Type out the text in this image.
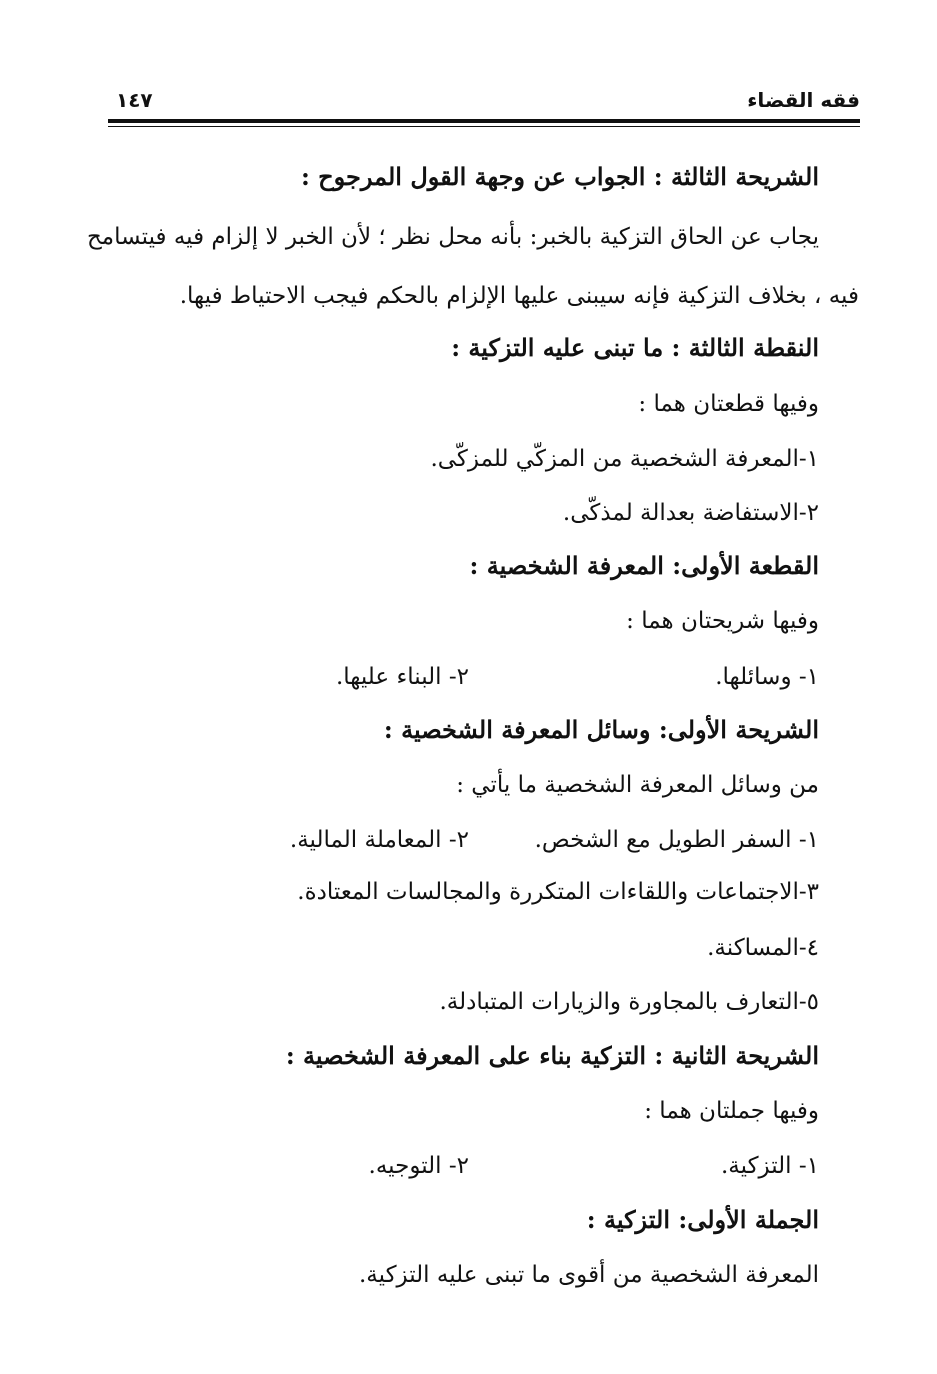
فقه القضاء
١٤٧
الشريحة الثالثة : الجواب عن وجهة القول المرجوح :
يجاب عن الحاق التزكية بالخبر: بأنه محل نظر ؛ لأن الخبر لا إلزام فيه فيتسامح
فيه ، بخلاف التزكية فإنه سيبنى عليها الإلزام بالحكم فيجب الاحتياط فيها.
النقطة الثالثة : ما تبنى عليه التزكية :
وفيها قطعتان هما :
١-المعرفة الشخصية من المزكّي للمزكّى.
٢-الاستفاضة بعدالة لمذكّى.
القطعة الأولى: المعرفة الشخصية :
وفيها شريحتان هما :
١- وسائلها.
٢- البناء عليها.
الشريحة الأولى: وسائل المعرفة الشخصية :
من وسائل المعرفة الشخصية ما يأتي :
١- السفر الطويل مع الشخص.
٢- المعاملة المالية.
٣-الاجتماعات واللقاءات المتكررة والمجالسات المعتادة.
٤-المساكنة.
٥-التعارف بالمجاورة والزيارات المتبادلة.
الشريحة الثانية : التزكية بناء على المعرفة الشخصية :
وفيها جملتان هما :
١- التزكية.
٢- التوجيه.
الجملة الأولى: التزكية :
المعرفة الشخصية من أقوى ما تبنى عليه التزكية.
